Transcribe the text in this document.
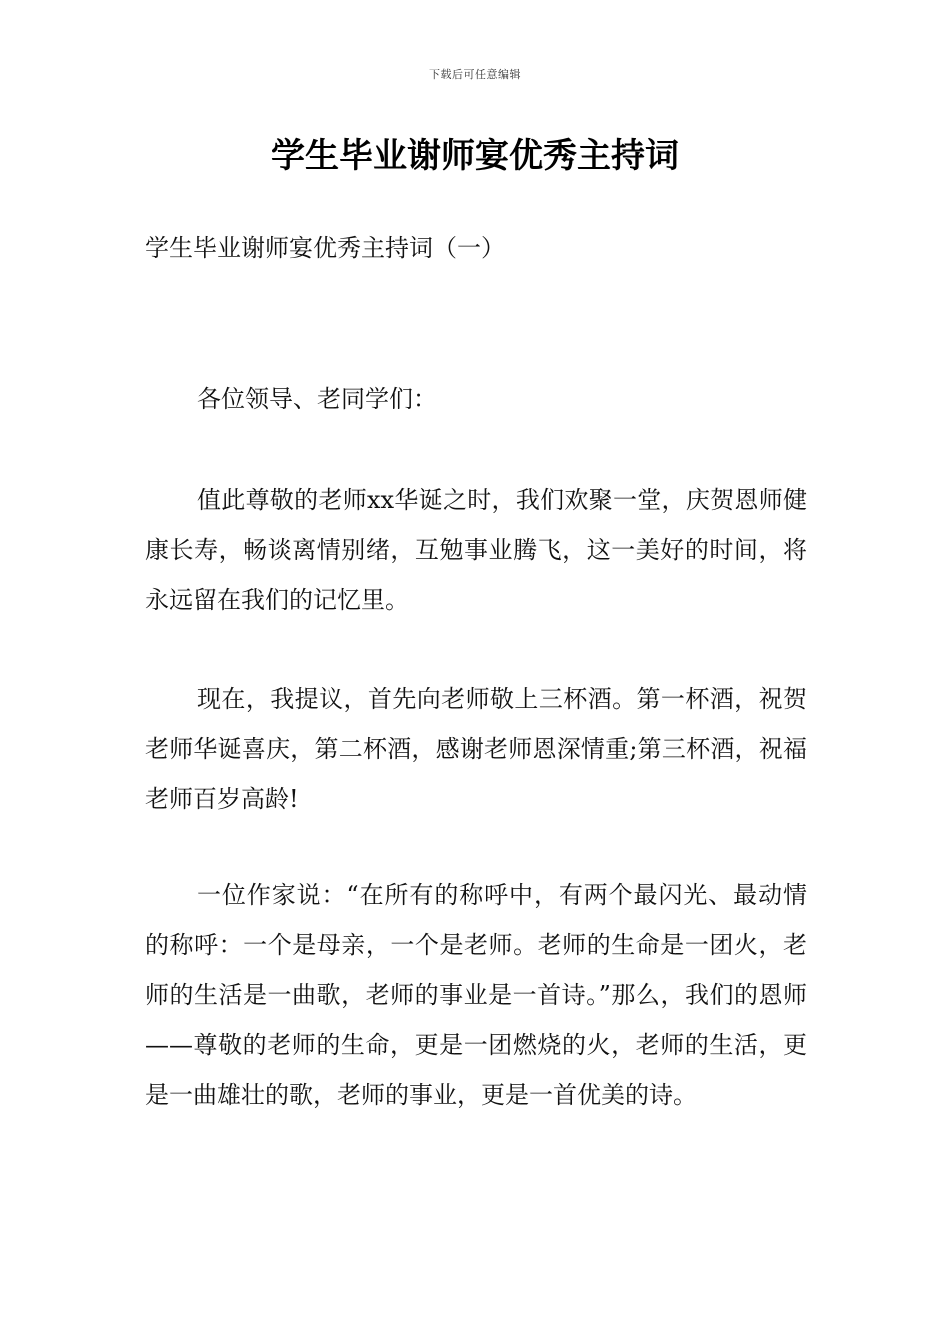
下载后可任意编辑
学生毕业谢师宴优秀主持词

学生毕业谢师宴优秀主持词（一）

各位领导、老同学们：

值此尊敬的老师xx华诞之时，我们欢聚一堂，庆贺恩师健康长寿，畅谈离情别绪，互勉事业腾飞，这一美好的时间，将永远留在我们的记忆里。

现在，我提议，首先向老师敬上三杯酒。第一杯酒，祝贺老师华诞喜庆，第二杯酒，感谢老师恩深情重;第三杯酒，祝福老师百岁高龄!

一位作家说：“在所有的称呼中，有两个最闪光、最动情的称呼：一个是母亲，一个是老师。老师的生命是一团火，老师的生活是一曲歌，老师的事业是一首诗。”那么，我们的恩师——尊敬的老师的生命，更是一团燃烧的火，老师的生活，更是一曲雄壮的歌，老师的事业，更是一首优美的诗。
